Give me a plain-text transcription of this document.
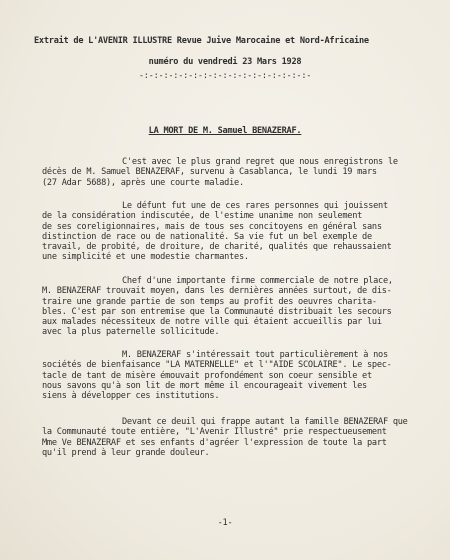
Extrait de L'AVENIR ILLUSTRE Revue Juive Marocaine et Nord-Africaine
numéro du vendredi 23 Mars 1928
-:-:-:-:-:-:-:-:-:-:-:-:-:-:-:-:-:-
LA MORT DE M. Samuel BENAZERAF.
C'est avec le plus grand regret que nous enregistrons le
décès de M. Samuel BENAZERAF, survenu à Casablanca, le lundi 19 mars
(27 Adar 5688), après une courte maladie.
Le défunt fut une de ces rares personnes qui jouissent
de la considération indiscutée, de l'estime unanime non seulement
de ses coreligionnaires, mais de tous ses concitoyens en général sans
distinction de race ou de nationalité. Sa vie fut un bel exemple de
travail, de probité, de droiture, de charité, qualités que rehaussaient
une simplicité et une modestie charmantes.
Chef d'une importante firme commerciale de notre place,
M. BENAZERAF trouvait moyen, dans les dernières années surtout, de dis-
traire une grande partie de son temps au profit des oeuvres charita-
bles. C'est par son entremise que la Communauté distribuait les secours
aux malades nécessiteux de notre ville qui étaient accueillis par lui
avec la plus paternelle sollicitude.
M. BENAZERAF s'intéressait tout particulièrement à nos
sociétés de bienfaisance "LA MATERNELLE" et l'"AIDE SCOLAIRE". Le spec-
tacle de tant de misère émouvait profondément son coeur sensible et
nous savons qu'à son lit de mort même il encourageait vivement les
siens à développer ces institutions.
Devant ce deuil qui frappe autant la famille BENAZERAF que
la Communauté toute entière, "L'Avenir Illustré" prie respectueusement
Mme Ve BENAZERAF et ses enfants d'agréer l'expression de toute la part
qu'il prend à leur grande douleur.
-1-
